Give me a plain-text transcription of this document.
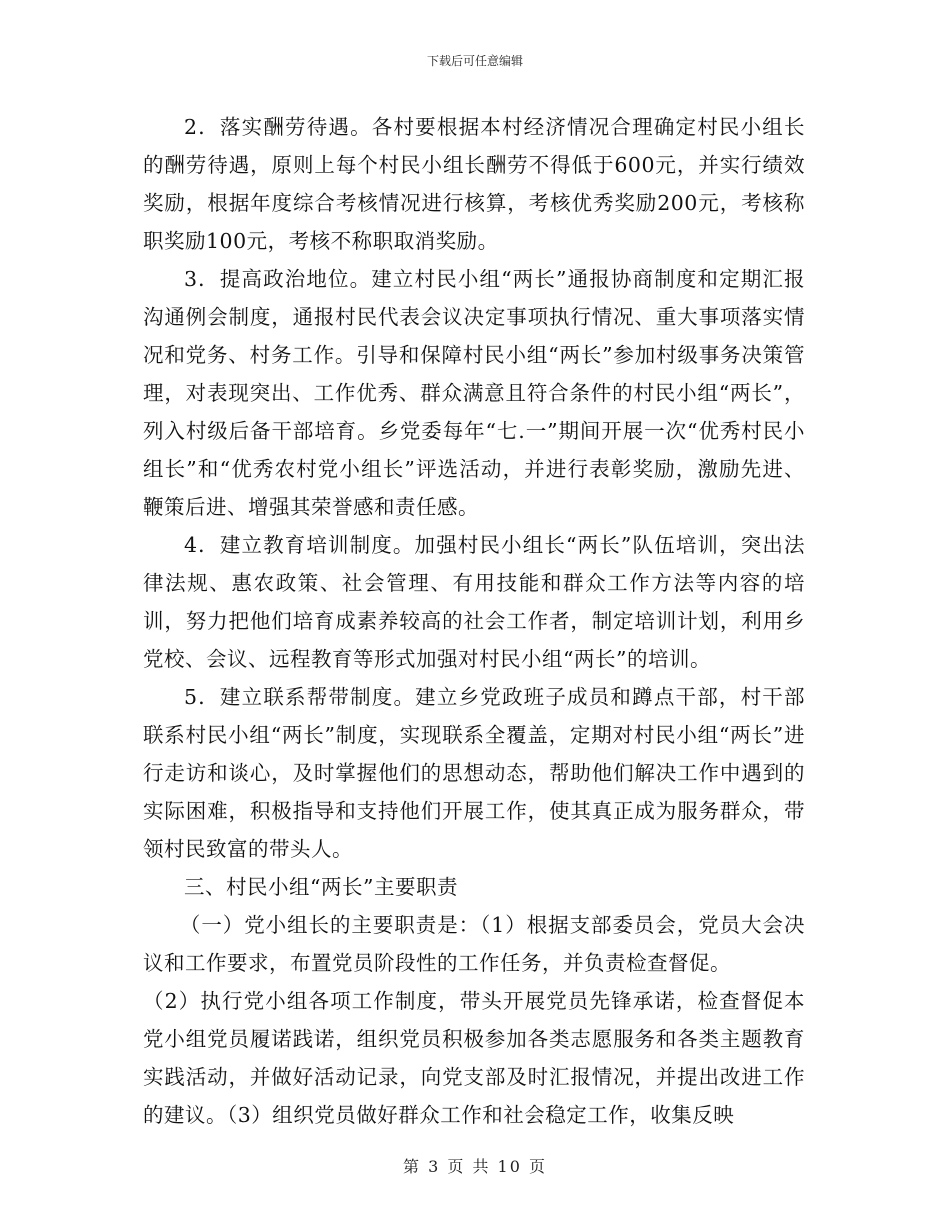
下载后可任意编辑

2．落实酬劳待遇。各村要根据本村经济情况合理确定村民小组长的酬劳待遇，原则上每个村民小组长酬劳不得低于600元，并实行绩效奖励，根据年度综合考核情况进行核算，考核优秀奖励200元，考核称职奖励100元，考核不称职取消奖励。

3．提高政治地位。建立村民小组“两长”通报协商制度和定期汇报沟通例会制度，通报村民代表会议决定事项执行情况、重大事项落实情况和党务、村务工作。引导和保障村民小组“两长”参加村级事务决策管理，对表现突出、工作优秀、群众满意且符合条件的村民小组“两长”，列入村级后备干部培育。乡党委每年“七.一”期间开展一次“优秀村民小组长”和“优秀农村党小组长”评选活动，并进行表彰奖励，激励先进、鞭策后进、增强其荣誉感和责任感。

4．建立教育培训制度。加强村民小组长“两长”队伍培训，突出法律法规、惠农政策、社会管理、有用技能和群众工作方法等内容的培训，努力把他们培育成素养较高的社会工作者，制定培训计划，利用乡党校、会议、远程教育等形式加强对村民小组“两长”的培训。

5．建立联系帮带制度。建立乡党政班子成员和蹲点干部，村干部联系村民小组“两长”制度，实现联系全覆盖，定期对村民小组“两长”进行走访和谈心，及时掌握他们的思想动态，帮助他们解决工作中遇到的实际困难，积极指导和支持他们开展工作，使其真正成为服务群众，带领村民致富的带头人。

三、村民小组“两长”主要职责

（一）党小组长的主要职责是：（1）根据支部委员会，党员大会决议和工作要求，布置党员阶段性的工作任务，并负责检查督促。

（2）执行党小组各项工作制度，带头开展党员先锋承诺，检查督促本党小组党员履诺践诺，组织党员积极参加各类志愿服务和各类主题教育实践活动，并做好活动记录，向党支部及时汇报情况，并提出改进工作的建议。（3）组织党员做好群众工作和社会稳定工作，收集反映

第 3 页 共 10 页
